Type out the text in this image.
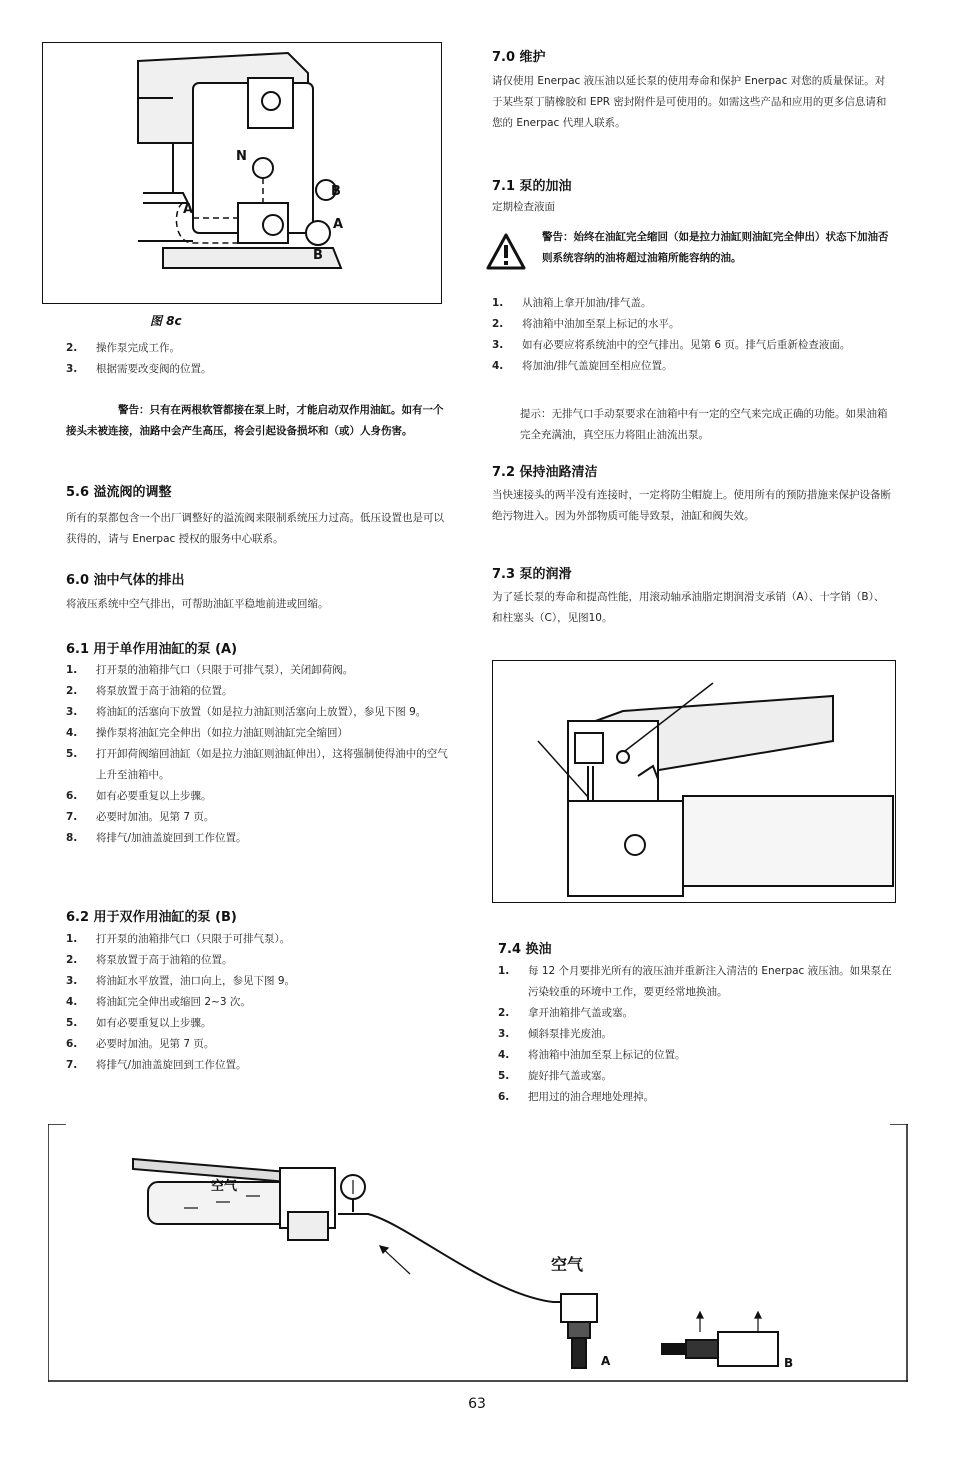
N
A
B
A
B
图 8c
2. 操作泵完成工作。
3. 根据需要改变阀的位置。
警告：只有在两根软管都接在泵上时，才能启动双作用油缸。如有一个接头未被连接，油路中会产生高压，将会引起设备损坏和（或）人身伤害。
5.6 溢流阀的调整
所有的泵都包含一个出厂调整好的溢流阀来限制系统压力过高。低压设置也是可以获得的，请与 Enerpac 授权的服务中心联系。
6.0 油中气体的排出
将液压系统中空气排出，可帮助油缸平稳地前进或回缩。
6.1 用于单作用油缸的泵 (A)
1. 打开泵的油箱排气口（只限于可排气泵），关闭卸荷阀。
2. 将泵放置于高于油箱的位置。
3. 将油缸的活塞向下放置（如是拉力油缸则活塞向上放置），参见下图 9。
4. 操作泵将油缸完全伸出（如拉力油缸则油缸完全缩回）
5. 打开卸荷阀缩回油缸（如是拉力油缸则油缸伸出），这将强制使得油中的空气上升至油箱中。
6. 如有必要重复以上步骤。
7. 必要时加油。见第 7 页。
8. 将排气/加油盖旋回到工作位置。
6.2 用于双作用油缸的泵 (B)
1. 打开泵的油箱排气口（只限于可排气泵）。
2. 将泵放置于高于油箱的位置。
3. 将油缸水平放置，油口向上，参见下图 9。
4. 将油缸完全伸出或缩回 2~3 次。
5. 如有必要重复以上步骤。
6. 必要时加油。见第 7 页。
7. 将排气/加油盖旋回到工作位置。
7.0 维护
请仅使用 Enerpac 液压油以延长泵的使用寿命和保护 Enerpac 对您的质量保证。对于某些泵丁腈橡胶和 EPR 密封附件是可使用的。如需这些产品和应用的更多信息请和您的 Enerpac 代理人联系。
7.1 泵的加油
定期检查液面
警告：始终在油缸完全缩回（如是拉力油缸则油缸完全伸出）状态下加油否则系统容纳的油将超过油箱所能容纳的油。
1. 从油箱上拿开加油/排气盖。
2. 将油箱中油加至泵上标记的水平。
3. 如有必要应将系统油中的空气排出。见第 6 页。排气后重新检查液面。
4. 将加油/排气盖旋回至相应位置。
提示：无排气口手动泵要求在油箱中有一定的空气来完成正确的功能。如果油箱完全充满油，真空压力将阻止油流出泵。
7.2 保持油路清洁
当快速接头的两半没有连接时，一定将防尘帽旋上。使用所有的预防措施来保护设备断绝污物进入。因为外部物质可能导致泵，油缸和阀失效。
7.3 泵的润滑
为了延长泵的寿命和提高性能，用滚动轴承油脂定期润滑支承销（A）、十字销（B）、和柱塞头（C），见图10。
7.4 换油
1. 每 12 个月要排光所有的液压油并重新注入清洁的 Enerpac 液压油。如果泵在污染较重的环境中工作，要更经常地换油。
2. 拿开油箱排气盖或塞。
3. 倾斜泵排光废油。
4. 将油箱中油加至泵上标记的位置。
5. 旋好排气盖或塞。
6. 把用过的油合理地处理掉。
空气
空气
A	B
63
